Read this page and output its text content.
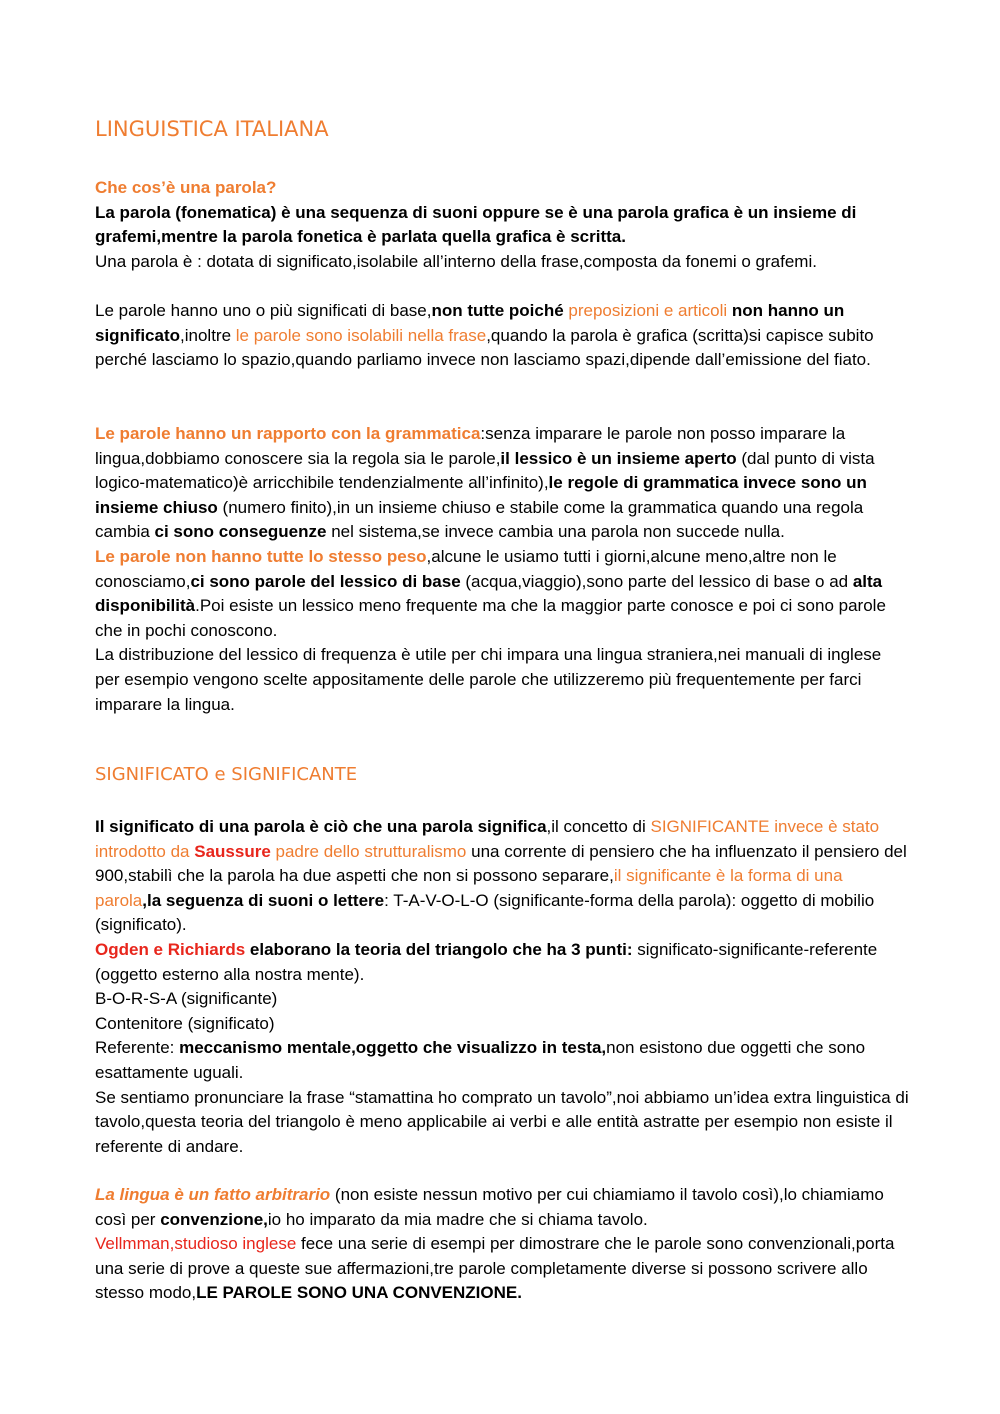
LINGUISTICA ITALIANA

Che cos’è una parola?
La parola (fonematica) è una sequenza di suoni oppure se è una parola grafica è un insieme di grafemi,mentre la parola fonetica è parlata quella grafica è scritta.
Una parola è : dotata di significato,isolabile all’interno della frase,composta da fonemi o grafemi.

Le parole hanno uno o più significati di base,non tutte poiché preposizioni e articoli non hanno un significato,inoltre le parole sono isolabili nella frase,quando la parola è grafica (scritta)si capisce subito perché lasciamo lo spazio,quando parliamo invece non lasciamo spazi,dipende dall’emissione del fiato.

Le parole hanno un rapporto con la grammatica:senza imparare le parole non posso imparare la lingua,dobbiamo conoscere sia la regola sia le parole,il lessico è un insieme aperto (dal punto di vista logico-matematico)è arricchibile tendenzialmente all’infinito),le regole di grammatica invece sono un insieme chiuso (numero finito),in un insieme chiuso e stabile come la grammatica quando una regola cambia ci sono conseguenze nel sistema,se invece cambia una parola non succede nulla.
Le parole non hanno tutte lo stesso peso,alcune le usiamo tutti i giorni,alcune meno,altre non le conosciamo,ci sono parole del lessico di base (acqua,viaggio),sono parte del lessico di base o ad alta disponibilità.Poi esiste un lessico meno frequente ma che la maggior parte conosce e poi ci sono parole che in pochi conoscono.
La distribuzione del lessico di frequenza è utile per chi impara una lingua straniera,nei manuali di inglese per esempio vengono scelte appositamente delle parole che utilizzeremo più frequentemente per farci imparare la lingua.

SIGNIFICATO e SIGNIFICANTE

Il significato di una parola è ciò che una parola significa,il concetto di SIGNIFICANTE invece è stato introdotto da Saussure padre dello strutturalismo una corrente di pensiero che ha influenzato il pensiero del 900,stabilì che la parola ha due aspetti che non si possono separare,il significante è la forma di una parola,la seguenza di suoni o lettere: T-A-V-O-L-O (significante-forma della parola): oggetto di mobilio (significato).
Ogden e Richiards elaborano la teoria del triangolo che ha 3 punti: significato-significante-referente (oggetto esterno alla nostra mente).
B-O-R-S-A (significante)
Contenitore (significato)
Referente: meccanismo mentale,oggetto che visualizzo in testa,non esistono due oggetti che sono esattamente uguali.
Se sentiamo pronunciare la frase “stamattina ho comprato un tavolo”,noi abbiamo un’idea extra linguistica di tavolo,questa teoria del triangolo è meno applicabile ai verbi e alle entità astratte per esempio non esiste il referente di andare.

La lingua è un fatto arbitrario (non esiste nessun motivo per cui chiamiamo il tavolo così),lo chiamiamo così per convenzione,io ho imparato da mia madre che si chiama tavolo.
Vellmman,studioso inglese fece una serie di esempi per dimostrare che le parole sono convenzionali,porta una serie di prove a queste sue affermazioni,tre parole completamente diverse si possono scrivere allo stesso modo,LE PAROLE SONO UNA CONVENZIONE.
